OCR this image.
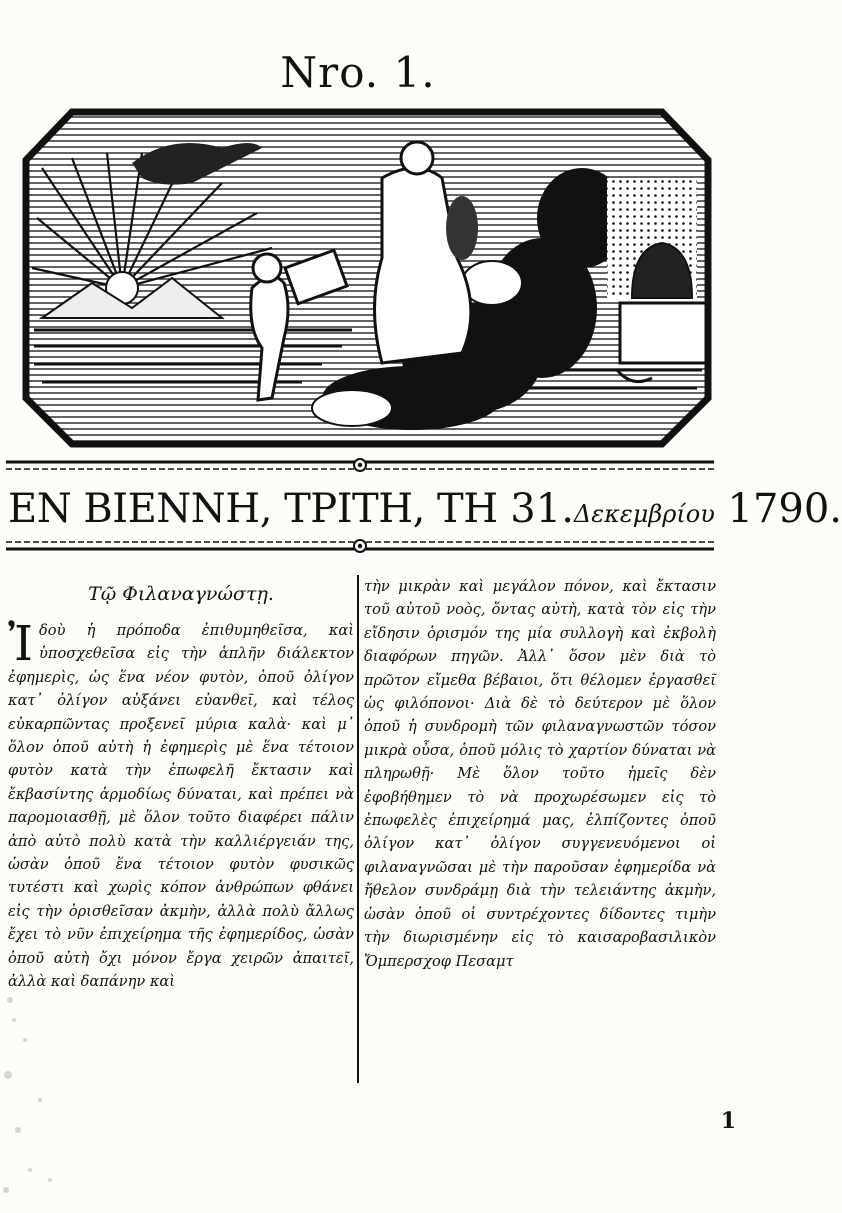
Nro. 1.
ΕΝ ΒΙΕΝΝΗ, ΤΡΙΤΗ, ΤΗ 31.Δεκεμβρίου 1790.
Τῷ Φιλαναγνώστῃ.

Ἰδοὺ ἡ πρόποδα ἐπιθυμηθεῖσα, καὶ ὑποσχεθεῖσα εἰς τὴν ἁπλῆν διάλεκτον ἐφημερὶς, ὡς ἕνα νέον φυτὸν, ὁποῦ ὀλίγον κατ᾿ ὀλίγον αὐξάνει εὐανθεῖ, καὶ τέλος εὐκαρπῶντας προξενεῖ μύρια καλὰ· καὶ μ᾿ ὅλον ὁποῦ αὐτὴ ἡ ἐφημερὶς μὲ ἕνα τέτοιον φυτὸν κατὰ τὴν ἐπωφελῆ ἔκτασιν καὶ ἔκβασίντης ἁρμοδίως δύναται, καὶ πρέπει νὰ παρομοιασθῇ, μὲ ὅλον τοῦτο διαφέρει πάλιν ἀπὸ αὐτὸ πολὺ κατὰ τὴν καλλιέργειάν της, ὡσὰν ὁποῦ ἕνα τέτοιον φυτὸν φυσικῶς τυτέστι καὶ χωρὶς κόπον ἀνθρώπων φθάνει εἰς τὴν ὁρισθεῖσαν ἀκμὴν, ἀλλὰ πολὺ ἄλλως ἔχει τὸ νῦν ἐπιχείρημα τῆς ἐφημερίδος, ὡσὰν ὁποῦ αὐτὴ ὄχι μόνον ἔργα χειρῶν ἀπαιτεῖ, ἀλλὰ καὶ δαπάνην καὶ

τὴν μικρὰν καὶ μεγάλον πόνον, καὶ ἔκτασιν τοῦ αὐτοῦ νοὸς, ὄντας αὐτὴ, κατὰ τὸν εἰς τὴν εἴδησιν ὁρισμόν της μία συλλογὴ καὶ ἐκβολὴ διαφόρων πηγῶν. Ἀλλ᾿ ὅσον μὲν διὰ τὸ πρῶτον εἴμεθα βέβαιοι, ὅτι θέλομεν ἐργασθεῖ ὡς φιλόπονοι· Διὰ δὲ τὸ δεύτερον μὲ ὅλον ὁποῦ ἡ συνδρομὴ τῶν φιλαναγνωστῶν τόσον μικρὰ οὖσα, ὁποῦ μόλις τὸ χαρτίον δύναται νὰ πληρωθῇ· Μὲ ὅλον τοῦτο ἡμεῖς δὲν ἐφοβήθημεν τὸ νὰ προχωρέσωμεν εἰς τὸ ἐπωφελὲς ἐπιχείρημά μας, ἐλπίζοντες ὁποῦ ὀλίγον κατ᾿ ὀλίγον συγγενευόμενοι οἱ φιλαναγνῶσαι μὲ τὴν παροῦσαν ἐφημερίδα νὰ ἤθελον συνδράμῃ διὰ τὴν τελειάντης ἀκμὴν, ὡσὰν ὁποῦ οἱ συντρέχοντες δίδοντες τιμὴν τὴν διωρισμένην εἰς τὸ καισαροβασιλικὸν Ὄμπερσχοφ Πεσαμτ

1
